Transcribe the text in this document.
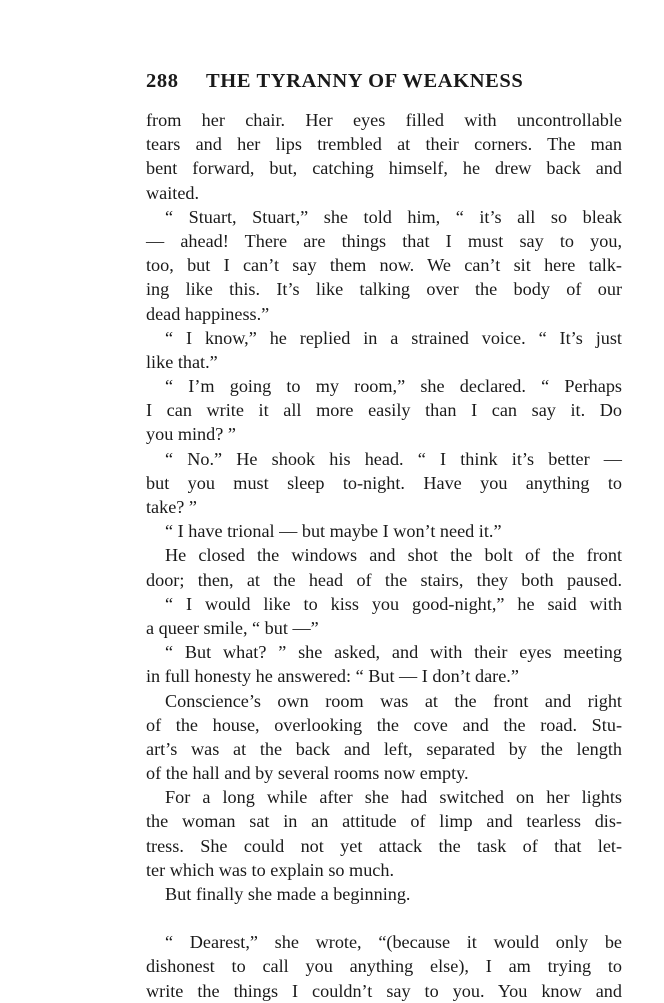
288 THE TYRANNY OF WEAKNESS
from her chair. Her eyes filled with uncontrollable
tears and her lips trembled at their corners. The man
bent forward, but, catching himself, he drew back and
waited.
“ Stuart, Stuart,” she told him, “ it’s all so bleak
— ahead! There are things that I must say to you,
too, but I can’t say them now. We can’t sit here talk-
ing like this. It’s like talking over the body of our
dead happiness.”
“ I know,” he replied in a strained voice. “ It’s just
like that.”
“ I’m going to my room,” she declared. “ Perhaps
I can write it all more easily than I can say it. Do
you mind? ”
“ No.” He shook his head. “ I think it’s better —
but you must sleep to-night. Have you anything to
take? ”
“ I have trional — but maybe I won’t need it.”
He closed the windows and shot the bolt of the front
door; then, at the head of the stairs, they both paused.
“ I would like to kiss you good-night,” he said with
a queer smile, “ but —”
“ But what? ” she asked, and with their eyes meeting
in full honesty he answered: “ But — I don’t dare.”
Conscience’s own room was at the front and right
of the house, overlooking the cove and the road. Stu-
art’s was at the back and left, separated by the length
of the hall and by several rooms now empty.
For a long while after she had switched on her lights
the woman sat in an attitude of limp and tearless dis-
tress. She could not yet attack the task of that let-
ter which was to explain so much.
But finally she made a beginning.
“ Dearest,” she wrote, “(because it would only be
dishonest to call you anything else), I am trying to
write the things I couldn’t say to you. You know and
